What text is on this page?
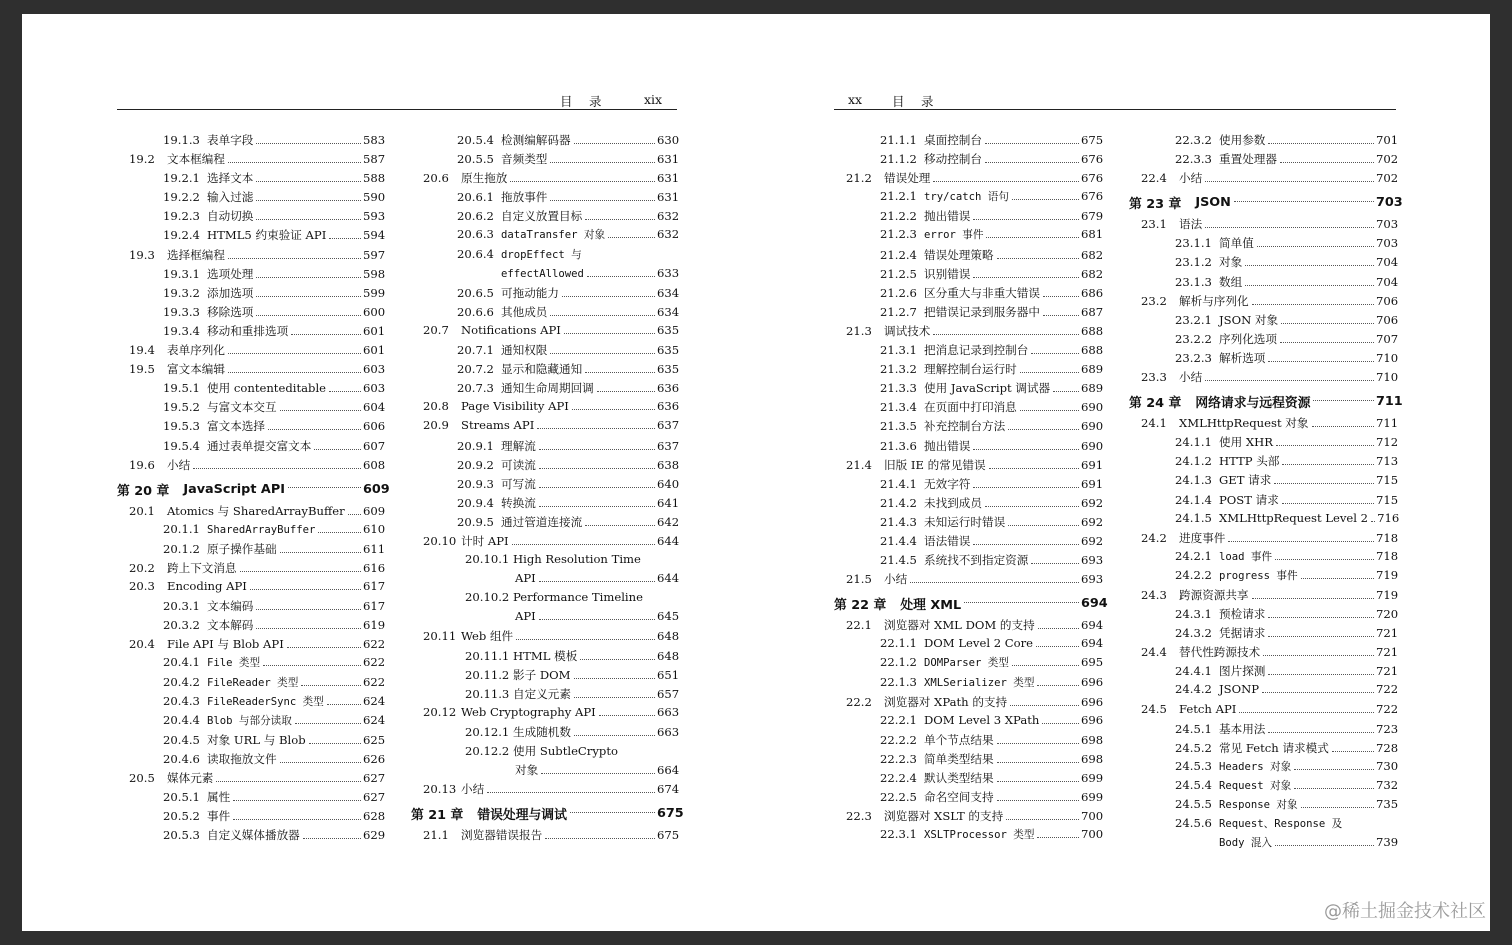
目　录	xix	xx 目　录
19.1.3 表单字段	583
19.2	文本框编程	587
19.2.1 选择文本	588
19.2.2 输入过滤	590
19.2.3 自动切换	593
19.2.4 HTML5 约束验证 API	594
19.3	选择框编程	597
19.3.1 选项处理	598
19.3.2 添加选项	599
19.3.3 移除选项	600
19.3.4 移动和重排选项	601
19.4	表单序列化	601
19.5	富文本编辑	603
19.5.1 使用 contenteditable	603
19.5.2 与富文本交互	604
19.5.3 富文本选择	606
19.5.4 通过表单提交富文本	607
19.6	小结	608
第 20 章	JavaScript API	609
20.1	Atomics 与 SharedArrayBuffer 609
20.1.1 SharedArrayBuffer	610
20.1.2 原子操作基础	611
20.2	跨上下文消息	616
20.3	Encoding API	617
20.3.1 文本编码	617
20.3.2 文本解码	619
20.4	File API 与 Blob API	622
20.4.1 File 类型	622
20.4.2 FileReader 类型	622
20.4.3 FileReaderSync 类型	624
20.4.4 Blob 与部分读取	624
20.4.5 对象 URL 与 Blob	625
20.4.6 读取拖放文件	626
20.5	媒体元素	627
20.5.1 属性	627
20.5.2 事件	628
20.5.3 自定义媒体播放器	629
20.5.4 检测编解码器	630
20.5.5 音频类型	631
20.6	原生拖放	631
20.6.1 拖放事件	631
20.6.2 自定义放置目标	632
20.6.3 dataTransfer 对象	632
20.6.4 dropEffect 与
effectAllowed	633
20.6.5 可拖动能力	634
20.6.6 其他成员	634
20.7	Notifications API	635
20.7.1 通知权限	635
20.7.2 显示和隐藏通知	635
20.7.3 通知生命周期回调	636
20.8	Page Visibility API	636
20.9	Streams API	637
20.9.1 理解流	637
20.9.2 可读流	638
20.9.3 可写流	640
20.9.4 转换流	641
20.9.5 通过管道连接流	642
20.10 计时 API	644
20.10.1 High Resolution Time
API	644
20.10.2 Performance Timeline
API	645
20.11 Web 组件	648
20.11.1 HTML 模板	648
20.11.2 影子 DOM	651
20.11.3 自定义元素	657
20.12 Web Cryptography API	663
20.12.1 生成随机数	663
20.12.2 使用 SubtleCrypto
对象	664
20.13 小结	674
第 21 章	错误处理与调试	675
21.1	浏览器错误报告	675
21.1.1 桌面控制台	675
21.1.2 移动控制台	676
21.2	错误处理	676
21.2.1 try/catch 语句	676
21.2.2 抛出错误	679
21.2.3 error 事件	681
21.2.4 错误处理策略	682
21.2.5 识别错误	682
21.2.6 区分重大与非重大错误	686
21.2.7 把错误记录到服务器中	687
21.3	调试技术	688
21.3.1 把消息记录到控制台	688
21.3.2 理解控制台运行时	689
21.3.3 使用 JavaScript 调试器	689
21.3.4 在页面中打印消息	690
21.3.5 补充控制台方法	690
21.3.6 抛出错误	690
21.4	旧版 IE 的常见错误	691
21.4.1 无效字符	691
21.4.2 未找到成员	692
21.4.3 未知运行时错误	692
21.4.4 语法错误	692
21.4.5 系统找不到指定资源	693
21.5	小结	693
第 22 章	处理 XML	694
22.1	浏览器对 XML DOM 的支持	694
22.1.1 DOM Level 2 Core	694
22.1.2 DOMParser 类型	695
22.1.3 XMLSerializer 类型	696
22.2	浏览器对 XPath 的支持	696
22.2.1 DOM Level 3 XPath	696
22.2.2 单个节点结果	698
22.2.3 简单类型结果	698
22.2.4 默认类型结果	699
22.2.5 命名空间支持	699
22.3	浏览器对 XSLT 的支持	700
22.3.1 XSLTProcessor 类型	700
22.3.2 使用参数	701
22.3.3 重置处理器	702
22.4	小结	702
第 23 章	JSON	703
23.1	语法	703
23.1.1 简单值	703
23.1.2 对象	704
23.1.3 数组	704
23.2	解析与序列化	706
23.2.1 JSON 对象	706
23.2.2 序列化选项	707
23.2.3 解析选项	710
23.3	小结	710
第 24 章	网络请求与远程资源	711
24.1	XMLHttpRequest 对象	711
24.1.1 使用 XHR	712
24.1.2 HTTP 头部	713
24.1.3 GET 请求	715
24.1.4 POST 请求	715
24.1.5 XMLHttpRequest Level 2 716
24.2	进度事件	718
24.2.1 load 事件	718
24.2.2 progress 事件	719
24.3	跨源资源共享	719
24.3.1 预检请求	720
24.3.2 凭据请求	721
24.4	替代性跨源技术	721
24.4.1 图片探测	721
24.4.2 JSONP	722
24.5	Fetch API	722
24.5.1 基本用法	723
24.5.2 常见 Fetch 请求模式	728
24.5.3 Headers 对象	730
24.5.4 Request 对象	732
24.5.5 Response 对象	735
24.5.6 Request、Response 及
Body 混入	739
@稀土掘金技术社区
